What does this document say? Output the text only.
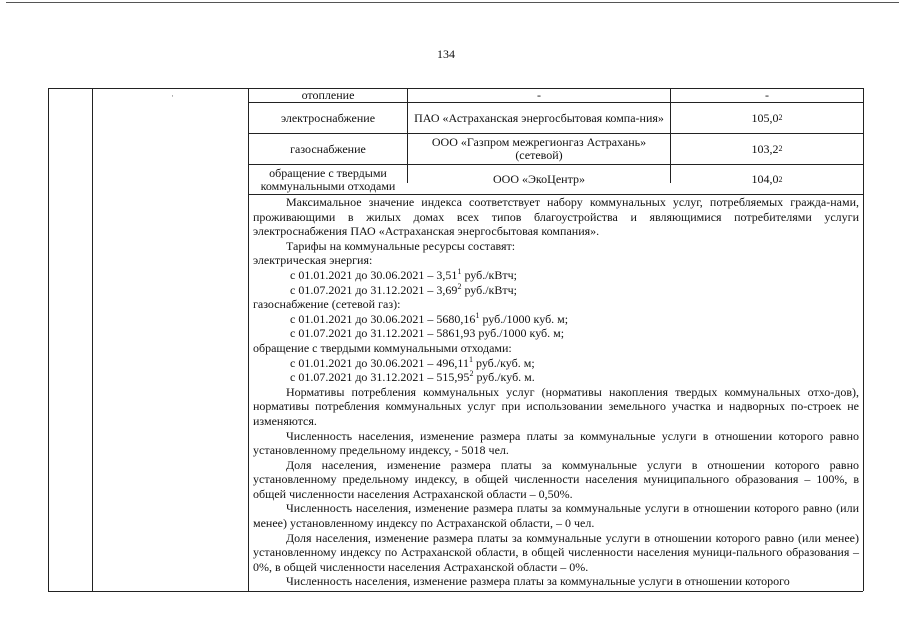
134
·	отопление	-	-
электроснабжение	ПАО «Астраханская энергосбытовая компа-ния»	105,0 2
газоснабжение	ООО «Газпром межрегионгаз Астрахань» (сетевой)	103,2 2
обращение с твердыми коммунальными отходами	ООО «ЭкоЦентр»	104,0 2

Максимальное значение индекса соответствует набору коммунальных услуг, потребляемых гражда-нами, проживающими в жилых домах всех типов благоустройства и являющимися потребителями услуги электроснабжения ПАО «Астраханская энергосбытовая компания».

Тарифы на коммунальные ресурсы составят:

электрическая энергия:

с 01.01.2021 до 30.06.2021 – 3,51$^1$ руб./кВтч;

с 01.07.2021 до 31.12.2021 – 3,69$^2$ руб./кВтч;

газоснабжение (сетевой газ):

с 01.01.2021 до 30.06.2021 – 5680,16$^1$ руб./1000 куб. м;

с 01.07.2021 до 31.12.2021 – 5861,93 руб./1000 куб. м;

обращение с твердыми коммунальными отходами:

с 01.01.2021 до 30.06.2021 – 496,11$^1$ руб./куб. м;

с 01.07.2021 до 31.12.2021 – 515,95$^2$ руб./куб. м.

Нормативы потребления коммунальных услуг (нормативы накопления твердых коммунальных отхо-дов), нормативы потребления коммунальных услуг при использовании земельного участка и надворных по-строек не изменяются.

Численность населения, изменение размера платы за коммунальные услуги в отношении которого равно установленному предельному индексу, - 5018 чел.

Доля населения, изменение размера платы за коммунальные услуги в отношении которого равно установленному предельному индексу, в общей численности населения муниципального образования – 100%, в общей численности населения Астраханской области – 0,50%.

Численность населения, изменение размера платы за коммунальные услуги в отношении которого равно (или менее) установленному индексу по Астраханской области, – 0 чел.

Доля населения, изменение размера платы за коммунальные услуги в отношении которого равно (или менее) установленному индексу по Астраханской области, в общей численности населения муници-пального образования – 0%, в общей численности населения Астраханской области – 0%.

Численность населения, изменение размера платы за коммунальные услуги в отношении которого
